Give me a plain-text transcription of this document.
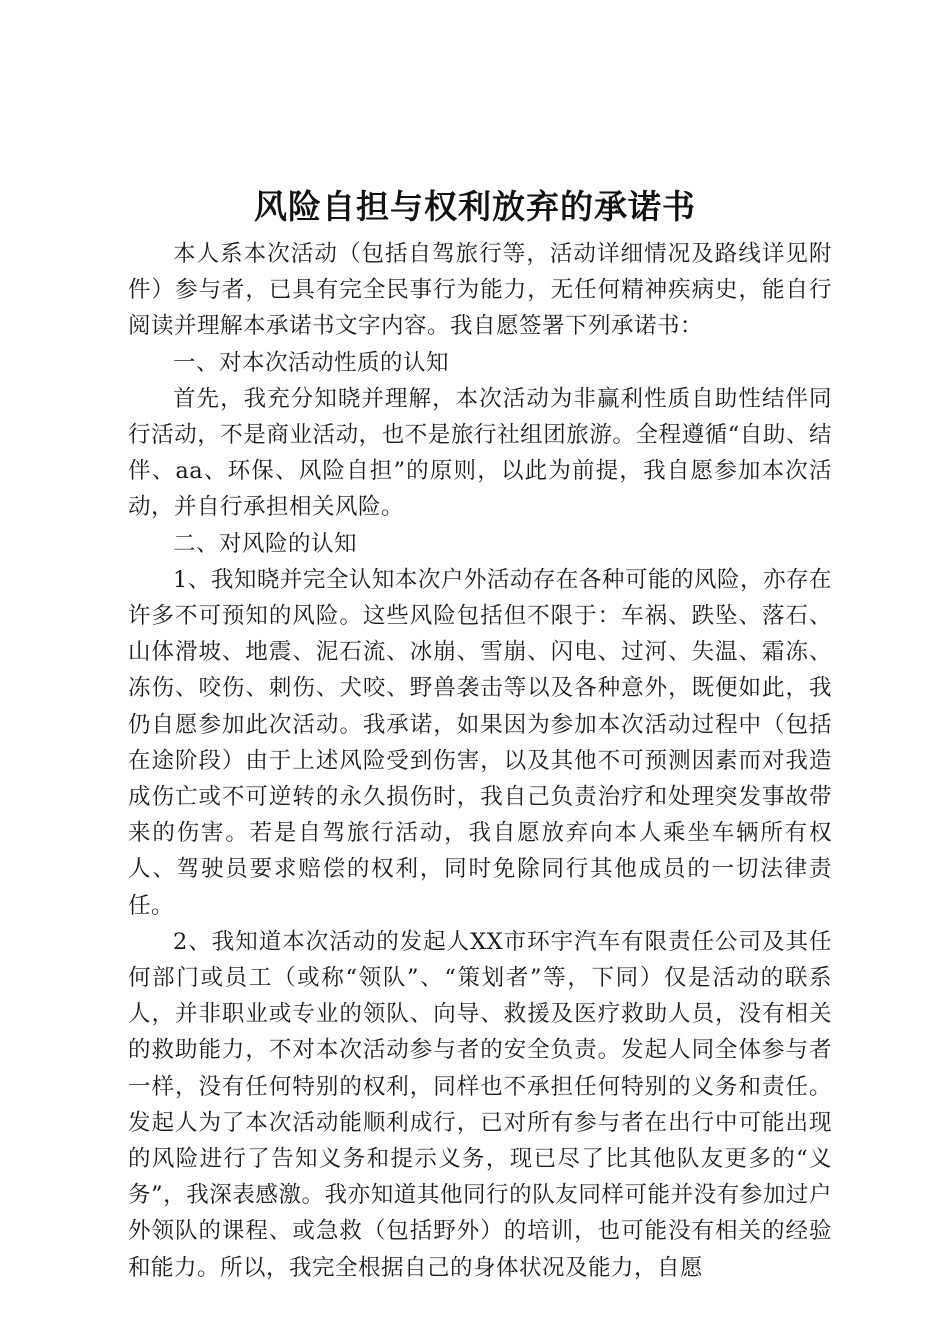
风险自担与权利放弃的承诺书

本人系本次活动（包括自驾旅行等，活动详细情况及路线详见附件）参与者，已具有完全民事行为能力，无任何精神疾病史，能自行阅读并理解本承诺书文字内容。我自愿签署下列承诺书：

一、对本次活动性质的认知

首先，我充分知晓并理解，本次活动为非赢利性质自助性结伴同行活动，不是商业活动，也不是旅行社组团旅游。全程遵循“自助、结伴、aa、环保、风险自担”的原则，以此为前提，我自愿参加本次活动，并自行承担相关风险。

二、对风险的认知

1、我知晓并完全认知本次户外活动存在各种可能的风险，亦存在许多不可预知的风险。这些风险包括但不限于：车祸、跌坠、落石、山体滑坡、地震、泥石流、冰崩、雪崩、闪电、过河、失温、霜冻、冻伤、咬伤、刺伤、犬咬、野兽袭击等以及各种意外，既便如此，我仍自愿参加此次活动。我承诺，如果因为参加本次活动过程中（包括在途阶段）由于上述风险受到伤害，以及其他不可预测因素而对我造成伤亡或不可逆转的永久损伤时，我自己负责治疗和处理突发事故带来的伤害。若是自驾旅行活动，我自愿放弃向本人乘坐车辆所有权人、驾驶员要求赔偿的权利，同时免除同行其他成员的一切法律责任。

2、我知道本次活动的发起人XX市环宇汽车有限责任公司及其任何部门或员工（或称“领队”、“策划者”等，下同）仅是活动的联系人，并非职业或专业的领队、向导、救援及医疗救助人员，没有相关的救助能力，不对本次活动参与者的安全负责。发起人同全体参与者一样，没有任何特别的权利，同样也不承担任何特别的义务和责任。发起人为了本次活动能顺利成行，已对所有参与者在出行中可能出现的风险进行了告知义务和提示义务，现已尽了比其他队友更多的“义务”，我深表感激。我亦知道其他同行的队友同样可能并没有参加过户外领队的课程、或急救（包括野外）的培训，也可能没有相关的经验和能力。所以，我完全根据自己的身体状况及能力，自愿
